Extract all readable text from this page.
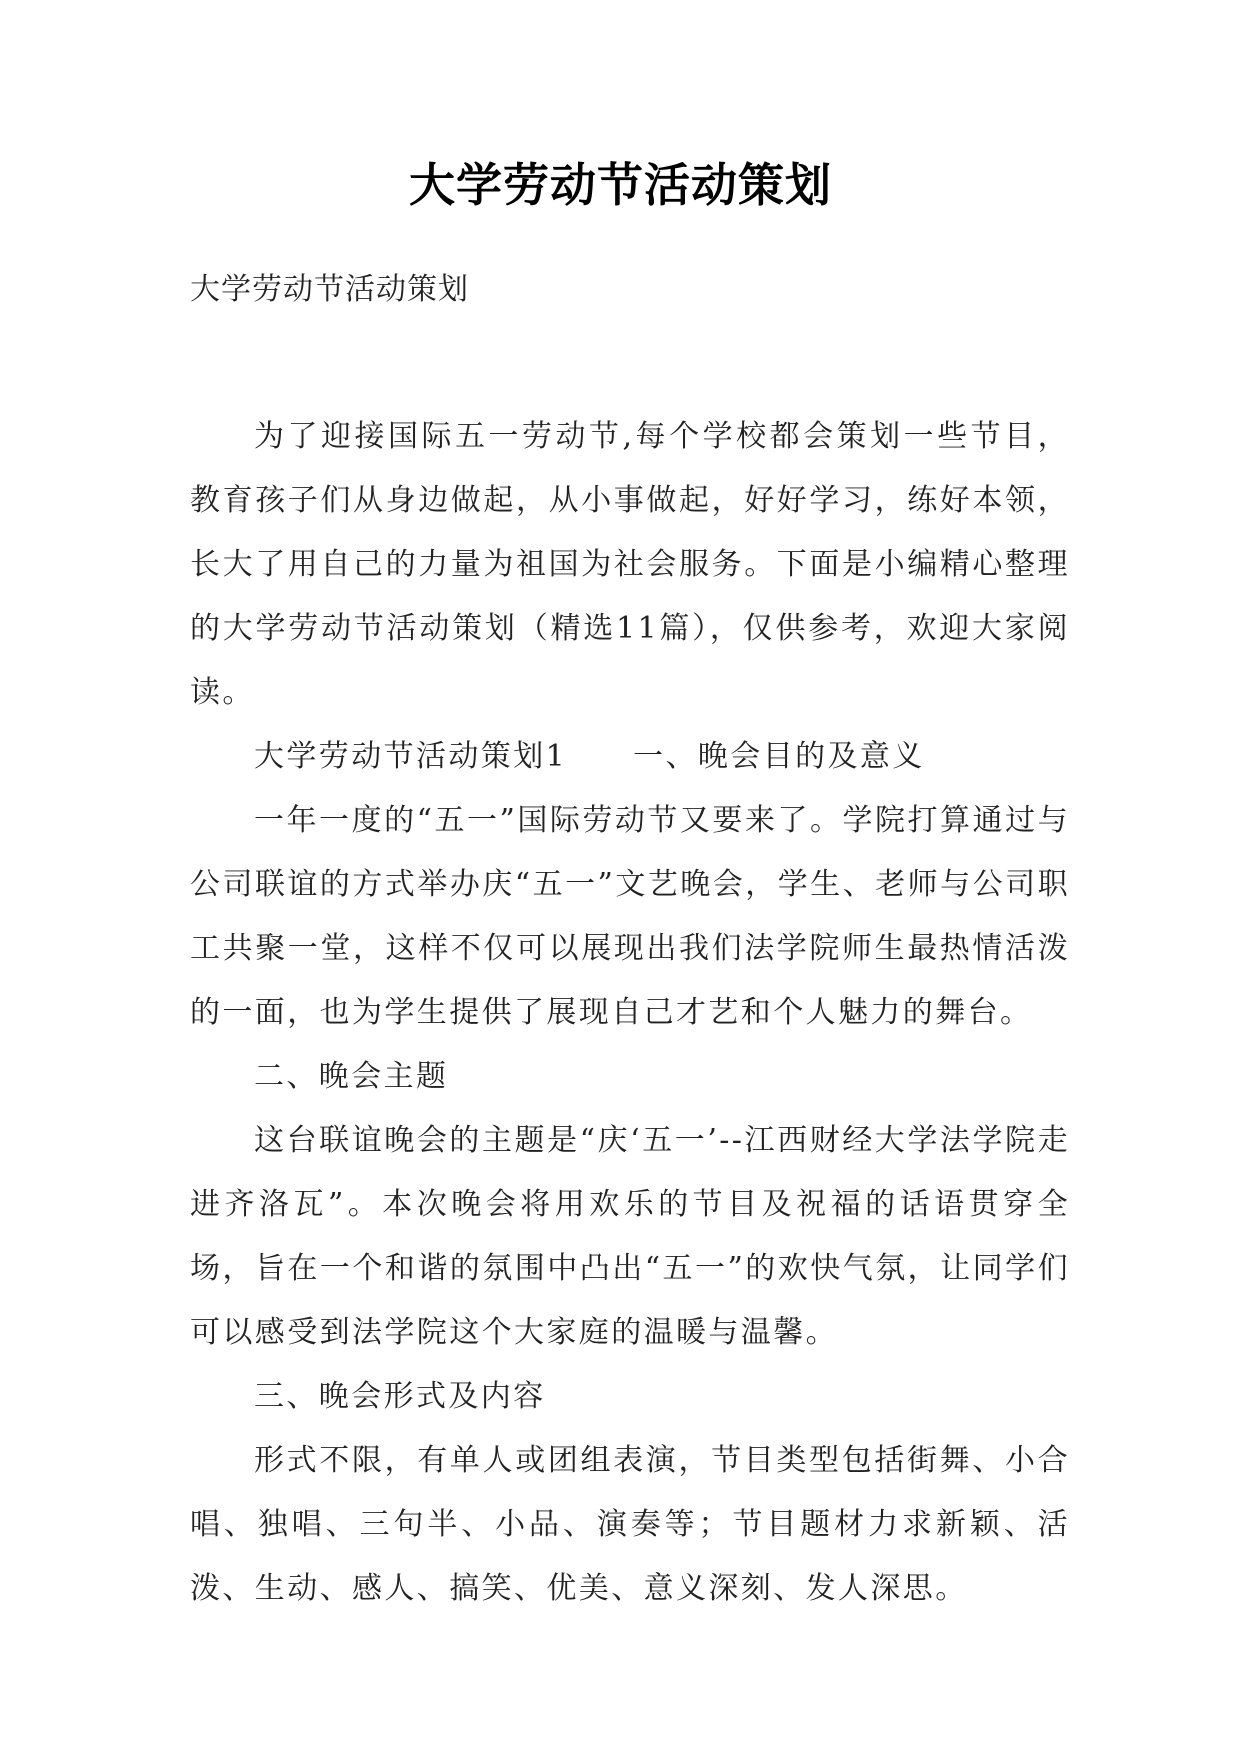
大学劳动节活动策划

大学劳动节活动策划

为了迎接国际五一劳动节,每个学校都会策划一些节目，教育孩子们从身边做起，从小事做起，好好学习，练好本领，长大了用自己的力量为祖国为社会服务。下面是小编精心整理的大学劳动节活动策划（精选11篇），仅供参考，欢迎大家阅读。

大学劳动节活动策划1 一、晚会目的及意义

一年一度的“五一”国际劳动节又要来了。学院打算通过与公司联谊的方式举办庆“五一”文艺晚会，学生、老师与公司职工共聚一堂，这样不仅可以展现出我们法学院师生最热情活泼的一面，也为学生提供了展现自己才艺和个人魅力的舞台。

二、晚会主题

这台联谊晚会的主题是“庆‘五一’--江西财经大学法学院走进齐洛瓦”。本次晚会将用欢乐的节目及祝福的话语贯穿全场，旨在一个和谐的氛围中凸出“五一”的欢快气氛，让同学们可以感受到法学院这个大家庭的温暖与温馨。

三、晚会形式及内容

形式不限，有单人或团组表演，节目类型包括街舞、小合唱、独唱、三句半、小品、演奏等；节目题材力求新颖、活泼、生动、感人、搞笑、优美、意义深刻、发人深思。
